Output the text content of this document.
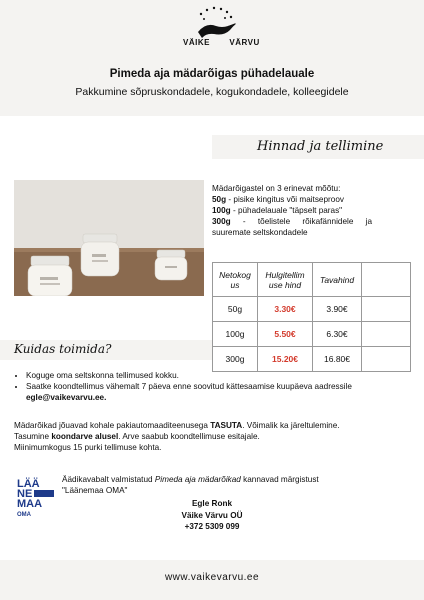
VÄIKE VÄRVU
Pimeda aja mädarõigas pühadelauale
Pakkumine sõpruskondadele, kogukondadele, kolleegidele
Hinnad ja tellimine

Mädarõigastel on 3 erinevat mõõtu:

50g - pisike kingitus või maitseproov

100g - pühadelauale "täpselt paras"

300g - tõelistele rõikafännidele ja suuremate seltskondadele

Netokog us	Hulgitellim use hind	Tavahind	
50g	3.30€	3.90€	
100g	5.50€	6.30€	
300g	15.20€	16.80€	
Kuidas toimida?
• Koguge oma seltskonna tellimused kokku.
• Saatke koondtellimus vähemalt 7 päeva enne soovitud kättesaamise kuupäeva aadressile
egle@vaikevarvu.ee.

Mädarõikad jõuavad kohale pakiautomaaditeenusega TASUTA. Võimalik ka järeltulemine.

Tasumine koondarve alusel. Arve saabub koondtellimuse esitajale.

Miinimumkogus 15 purki tellimuse kohta.

LÄÄ
NE
MAA
OMA

Äädikavabalt valmistatud Pimeda aja mädarõikad kannavad märgistust

"Läänemaa OMA"

Egle Ronk
Väike Värvu OÜ
+372 5309 099
www.vaikevarvu.ee
